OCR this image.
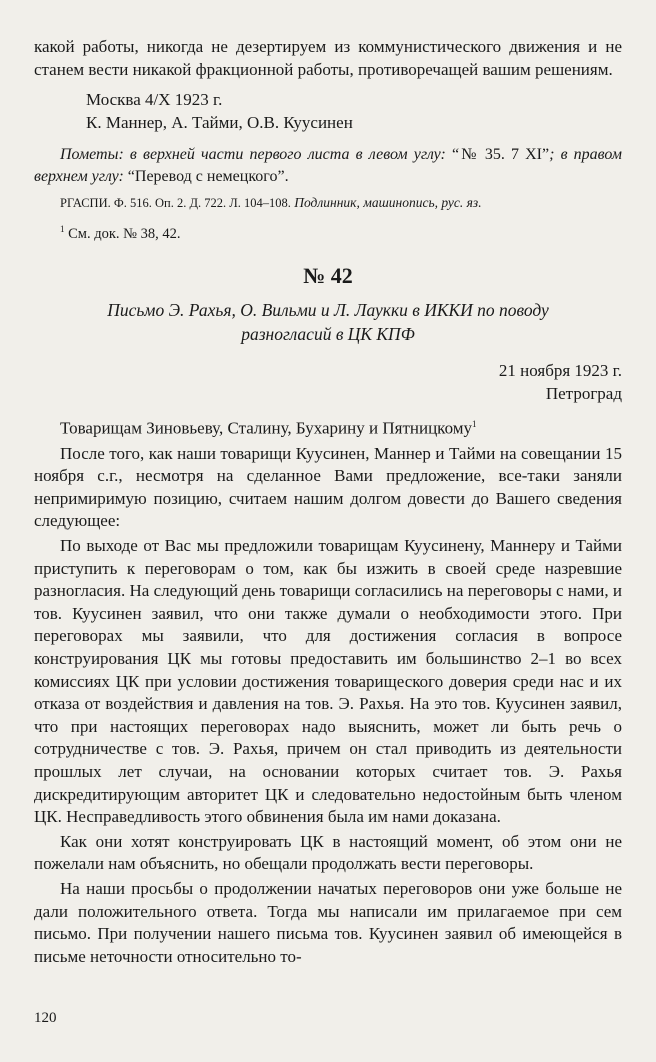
какой работы, никогда не дезертируем из коммунистического движения и не станем вести никакой фракционной работы, противоречащей вашим решениям.

Москва 4/X 1923 г.
К. Маннер, А. Тайми, О.В. Куусинен

Пометы: в верхней части первого листа в левом углу: “№ 35. 7 XI”; в правом верхнем углу: “Перевод с немецкого”.

РГАСПИ. Ф. 516. Оп. 2. Д. 722. Л. 104–108. Подлинник, машинопись, рус. яз.

$^1$ См. док. № 38, 42.

№ 42
Письмо Э. Рахья, О. Вильми и Л. Лаукки в ИККИ по поводу разногласий в ЦК КПФ
21 ноября 1923 г.
Петроград

Товарищам Зиновьеву, Сталину, Бухарину и Пятницкому$^1$

После того, как наши товарищи Куусинен, Маннер и Тайми на совещании 15 ноября с.г., несмотря на сделанное Вами предложение, все-таки заняли непримиримую позицию, считаем нашим долгом довести до Вашего сведения следующее:

По выходе от Вас мы предложили товарищам Куусинену, Маннеру и Тайми приступить к переговорам о том, как бы изжить в своей среде назревшие разногласия. На следующий день товарищи согласились на переговоры с нами, и тов. Куусинен заявил, что они также думали о необходимости этого. При переговорах мы заявили, что для достижения согласия в вопросе конструирования ЦК мы готовы предоставить им большинство 2–1 во всех комиссиях ЦК при условии достижения товарищеского доверия среди нас и их отказа от воздействия и давления на тов. Э. Рахья. На это тов. Куусинен заявил, что при настоящих переговорах надо выяснить, может ли быть речь о сотрудничестве с тов. Э. Рахья, причем он стал приводить из деятельности прошлых лет случаи, на основании которых считает тов. Э. Рахья дискредитирующим авторитет ЦК и следовательно недостойным быть членом ЦК. Несправедливость этого обвинения была им нами доказана.

Как они хотят конструировать ЦК в настоящий момент, об этом они не пожелали нам объяснить, но обещали продолжать вести переговоры.

На наши просьбы о продолжении начатых переговоров они уже больше не дали положительного ответа. Тогда мы написали им прилагаемое при сем письмо. При получении нашего письма тов. Куусинен заявил об имеющейся в письме неточности относительно то-

120
